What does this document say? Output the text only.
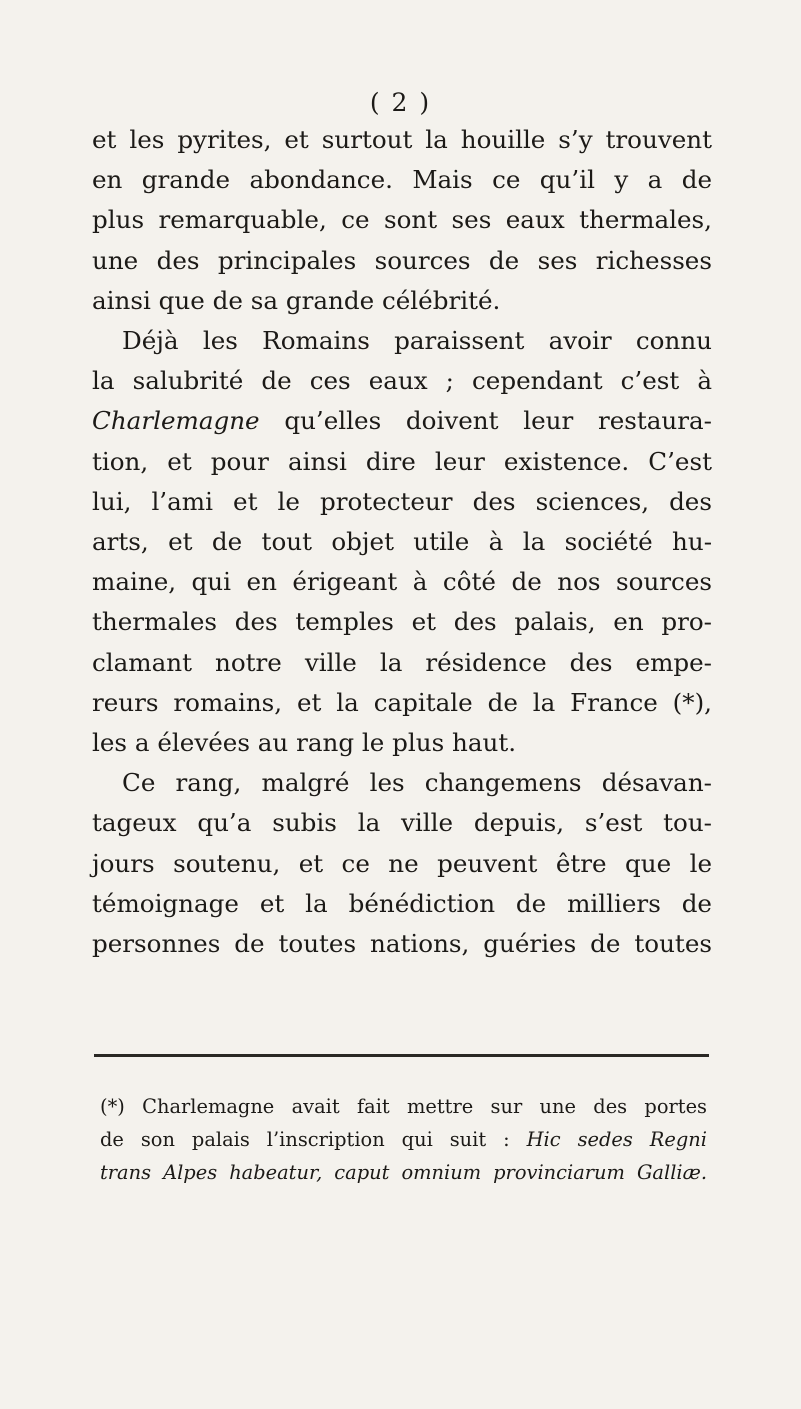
( 2 )
et les pyrites, et surtout la houille s’y trouvent
en grande abondance. Mais ce qu’il y a de
plus remarquable, ce sont ses eaux thermales,
une des principales sources de ses richesses
ainsi que de sa grande célébrité.
Déjà les Romains paraissent avoir connu
la salubrité de ces eaux ; cependant c’est à
Charlemagne qu’elles doivent leur restaura-
tion, et pour ainsi dire leur existence. C’est
lui, l’ami et le protecteur des sciences, des
arts, et de tout objet utile à la société hu-
maine, qui en érigeant à côté de nos sources
thermales des temples et des palais, en pro-
clamant notre ville la résidence des empe-
reurs romains, et la capitale de la France (*),
les a élevées au rang le plus haut.
Ce rang, malgré les changemens désavan-
tageux qu’a subis la ville depuis, s’est tou-
jours soutenu, et ce ne peuvent être que le
témoignage et la bénédiction de milliers de
personnes de toutes nations, guéries de toutes
(*) Charlemagne avait fait mettre sur une des portes
de son palais l’inscription qui suit : Hic sedes Regni
trans Alpes habeatur, caput omnium provinciarum Galliæ.
